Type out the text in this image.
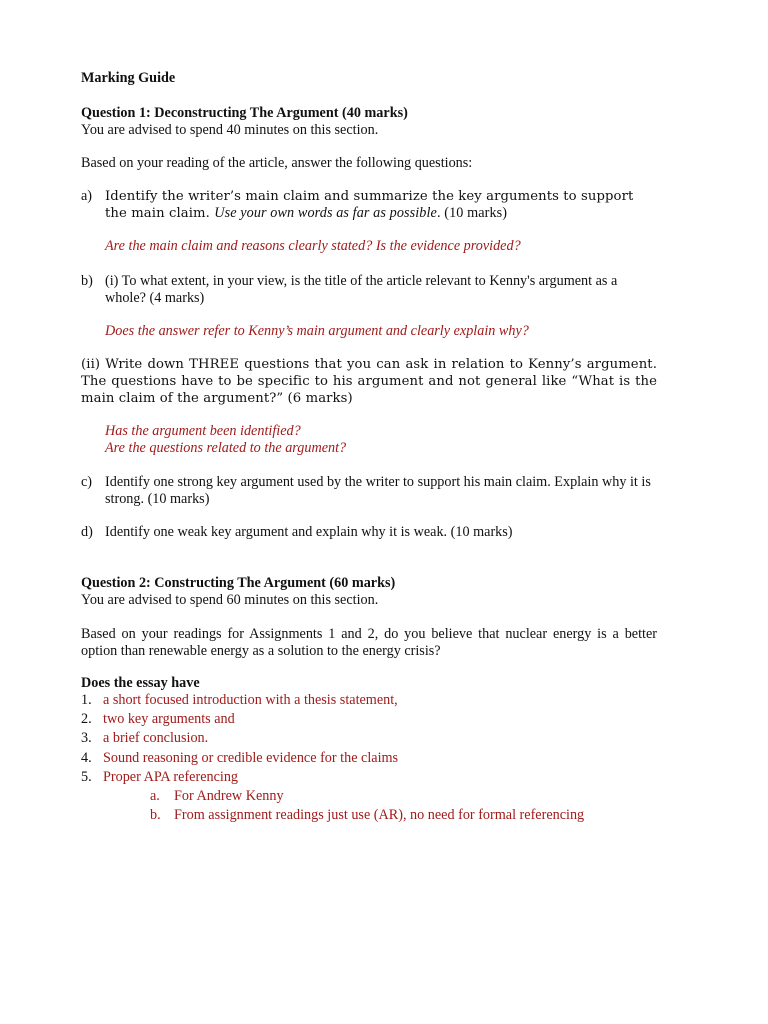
Marking Guide
Question 1: Deconstructing The Argument (40 marks)
You are advised to spend 40 minutes on this section.
Based on your reading of the article, answer the following questions:
a) Identify the writer’s main claim and summarize the key arguments to support the main claim. Use your own words as far as possible. (10 marks)
Are the main claim and reasons clearly stated? Is the evidence provided?
b) (i) To what extent, in your view, is the title of the article relevant to Kenny's argument as a whole? (4 marks)
Does the answer refer to Kenny’s main argument and clearly explain why?
(ii) Write down THREE questions that you can ask in relation to Kenny’s argument. The questions have to be specific to his argument and not general like “What is the main claim of the argument?” (6 marks)
Has the argument been identified?
Are the questions related to the argument?
c) Identify one strong key argument used by the writer to support his main claim. Explain why it is strong. (10 marks)
d) Identify one weak key argument and explain why it is weak. (10 marks)
Question 2: Constructing The Argument (60 marks)
You are advised to spend 60 minutes on this section.
Based on your readings for Assignments 1 and 2, do you believe that nuclear energy is a better option than renewable energy as a solution to the energy crisis?
Does the essay have
1. a short focused introduction with a thesis statement,
2. two key arguments and
3. a brief conclusion.
4. Sound reasoning or credible evidence for the claims
5. Proper APA referencing
a. For Andrew Kenny
b. From assignment readings just use (AR), no need for formal referencing
